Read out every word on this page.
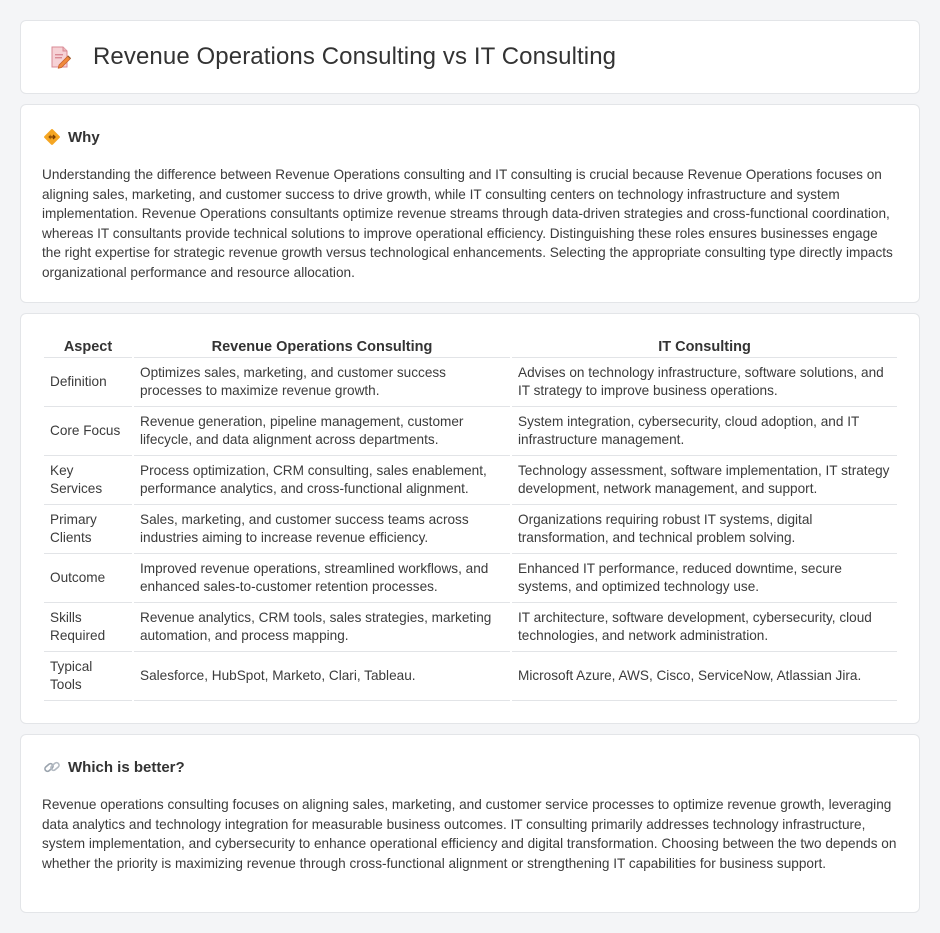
Revenue Operations Consulting vs IT Consulting
Why

Understanding the difference between Revenue Operations consulting and IT consulting is crucial because Revenue Operations focuses on aligning sales, marketing, and customer success to drive growth, while IT consulting centers on technology infrastructure and system implementation. Revenue Operations consultants optimize revenue streams through data-driven strategies and cross-functional coordination, whereas IT consultants provide technical solutions to improve operational efficiency. Distinguishing these roles ensures businesses engage the right expertise for strategic revenue growth versus technological enhancements. Selecting the appropriate consulting type directly impacts organizational performance and resource allocation.

Aspect	Revenue Operations Consulting	IT Consulting
Definition	Optimizes sales, marketing, and customer success processes to maximize revenue growth.	Advises on technology infrastructure, software solutions, and IT strategy to improve business operations.
Core Focus	Revenue generation, pipeline management, customer lifecycle, and data alignment across departments.	System integration, cybersecurity, cloud adoption, and IT infrastructure management.
Key Services	Process optimization, CRM consulting, sales enablement, performance analytics, and cross-functional alignment.	Technology assessment, software implementation, IT strategy development, network management, and support.
Primary Clients	Sales, marketing, and customer success teams across industries aiming to increase revenue efficiency.	Organizations requiring robust IT systems, digital transformation, and technical problem solving.
Outcome	Improved revenue operations, streamlined workflows, and enhanced sales-to-customer retention processes.	Enhanced IT performance, reduced downtime, secure systems, and optimized technology use.
Skills Required	Revenue analytics, CRM tools, sales strategies, marketing automation, and process mapping.	IT architecture, software development, cybersecurity, cloud technologies, and network administration.
Typical Tools	Salesforce, HubSpot, Marketo, Clari, Tableau.	Microsoft Azure, AWS, Cisco, ServiceNow, Atlassian Jira.
Which is better?

Revenue operations consulting focuses on aligning sales, marketing, and customer service processes to optimize revenue growth, leveraging data analytics and technology integration for measurable business outcomes. IT consulting primarily addresses technology infrastructure, system implementation, and cybersecurity to enhance operational efficiency and digital transformation. Choosing between the two depends on whether the priority is maximizing revenue through cross-functional alignment or strengthening IT capabilities for business support.
